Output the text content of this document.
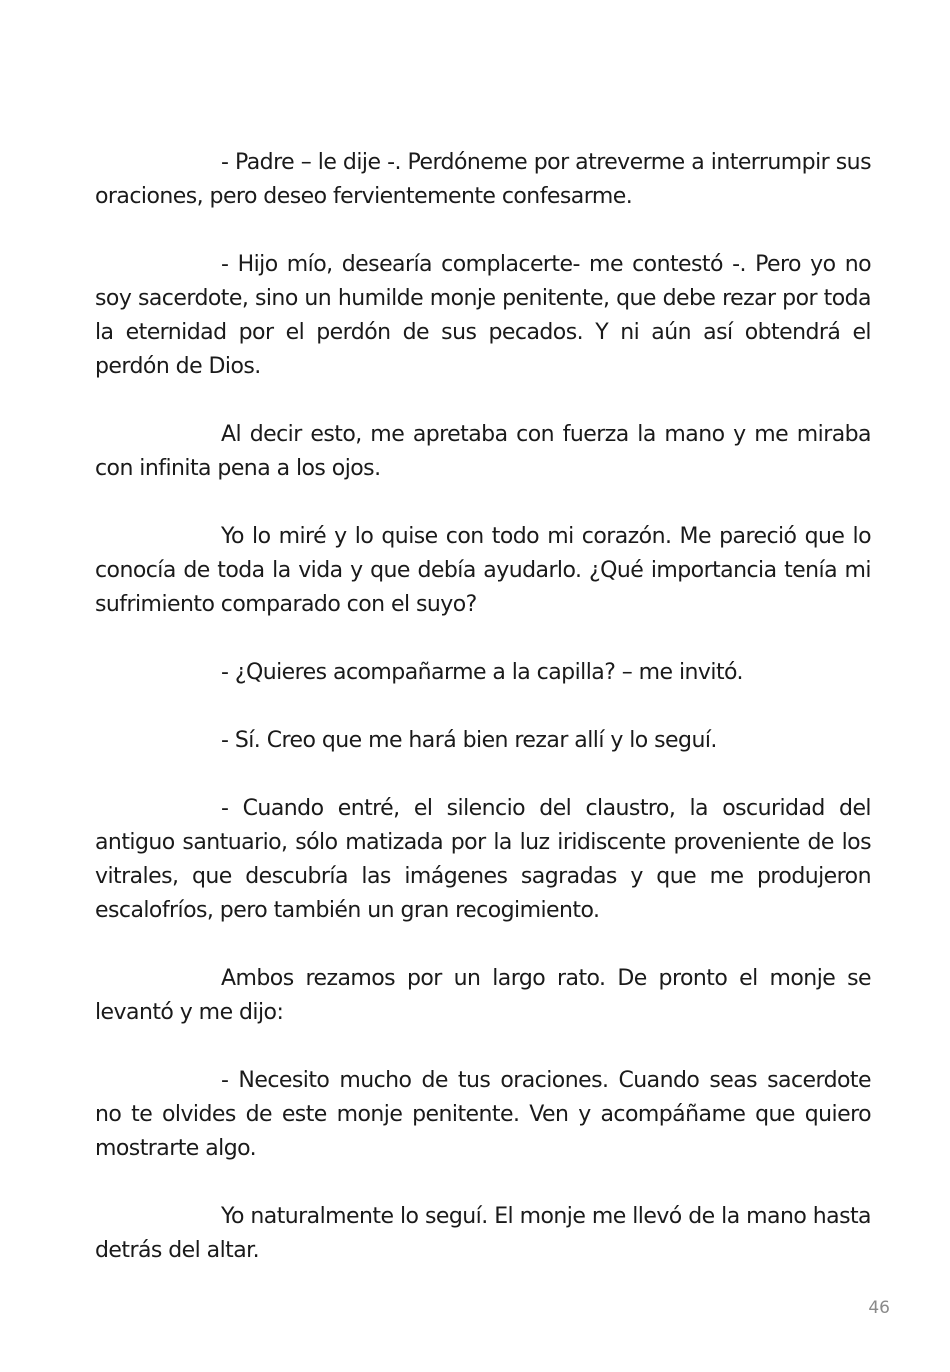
- Padre – le dije -. Perdóneme por atreverme a interrumpir sus oraciones, pero deseo fervientemente confesarme.

- Hijo mío, desearía complacerte- me contestó -. Pero yo no soy sacerdote, sino un humilde monje penitente, que debe rezar por toda la eternidad por el perdón de sus pecados. Y ni aún así obtendrá el perdón de Dios.

Al decir esto, me apretaba con fuerza la mano y me miraba con infinita pena a los ojos.

Yo lo miré y lo quise con todo mi corazón. Me pareció que lo conocía de toda la vida y que debía ayudarlo. ¿Qué importancia tenía mi sufrimiento comparado con el suyo?

- ¿Quieres acompañarme a la capilla? – me invitó.

- Sí. Creo que me hará bien rezar allí y lo seguí.

- Cuando entré, el silencio del claustro, la oscuridad del antiguo santuario, sólo matizada por la luz iridiscente proveniente de los vitrales, que descubría las imágenes sagradas y que me produjeron escalofríos, pero también un gran recogimiento.

Ambos rezamos por un largo rato. De pronto el monje se levantó y me dijo:

- Necesito mucho de tus oraciones. Cuando seas sacerdote no te olvides de este monje penitente. Ven y acompáñame que quiero mostrarte algo.

Yo naturalmente lo seguí. El monje me llevó de la mano hasta detrás del altar.

46
